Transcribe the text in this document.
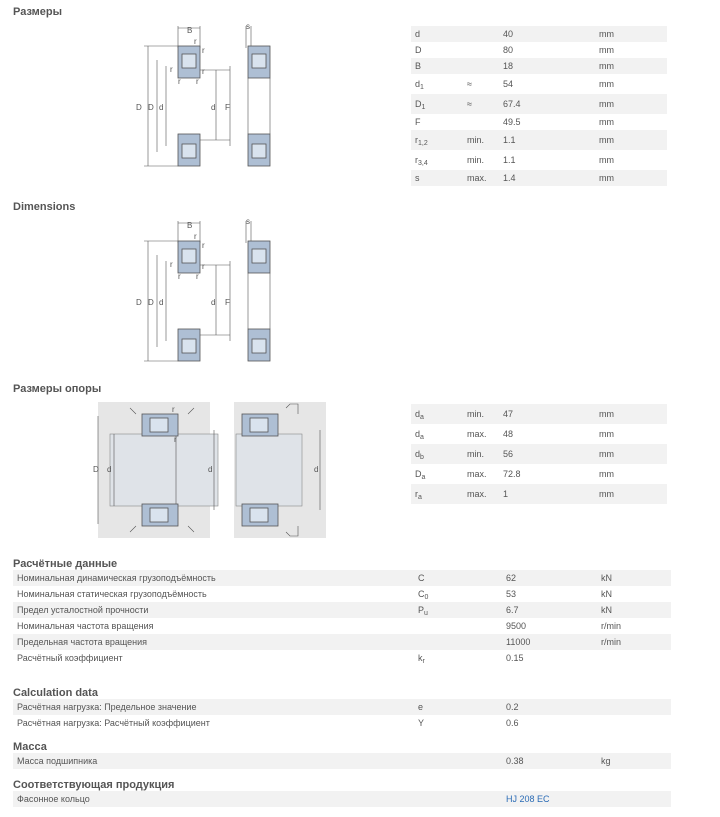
Размеры
Dimensions
Размеры опоры
Расчётные данные
Calculation data
Масса
Соответствующая продукция
B	s
r
r
r	r
r r
D D d	d F
B	s
r
r
r	r
r r
D D d	d F
r
r
D d	d	d
d	40	mm
D	80	mm
B	18	mm
$d_1$	≈	54	mm
$D_1$	≈	67.4	mm
F	49.5	mm
$r_{1,2}$	min. 1.1	mm
$r_{3,4}$	min. 1.1	mm
s	max. 1.4	mm
$d_a$	min. 47	mm
$d_a$	max. 48	mm
$d_b$	min. 56	mm
$D_a$	max. 72.8	mm
$r_a$	max. 1	mm
Номинальная динамическая грузоподъёмность	C	62	kN
Номинальная статическая грузоподъёмность	$C_0$	53	kN
Предел усталостной прочности	$P_u$	6.7	kN
Номинальная частота вращения	9500	r/min
Предельная частота вращения	11000	r/min
Расчётный коэффициент	$k_r$	0.15
Расчётная нагрузка: Предельное значение	e	0.2
Расчётная нагрузка: Расчётный коэффициент	Y	0.6
Масса подшипника	0.38	kg
Фасонное кольцо	HJ 208 EC
